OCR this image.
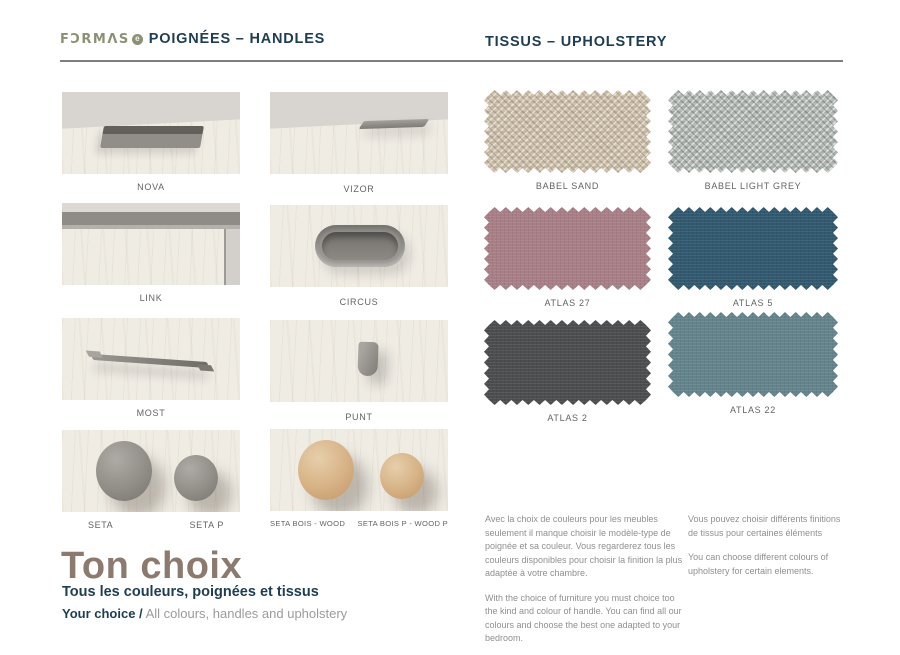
FƆRMΛS e POIGNÉES – HANDLES	TISSUS – UPHOLSTERY
NOVA	VIZOR
LINK	CIRCUS
MOST	PUNT
SETA	SETA P	SETA BOIS - WOOD SETA BOIS P - WOOD P
BABEL SAND	BABEL LIGHT GREY
ATLAS 27	ATLAS 5
ATLAS 2
ATLAS 22

Avec la choix de couleurs pour les meubles seulement il manque choisir le modèle-type de poignée et sa couleur. Vous regarderez tous les couleurs disponibles pour choisir la finition la plus adaptée à votre chambre.

With the choice of furniture you must choice too the kind and colour of handle. You can find all our colours and choose the best one adapted to your bedroom.

Vous pouvez choisir différents finitions de tissus pour certaines éléments

You can choose different colours of upholstery for certain elements.

Ton choix
Tous les couleurs, poignées et tissus
Your choice / All colours, handles and upholstery
